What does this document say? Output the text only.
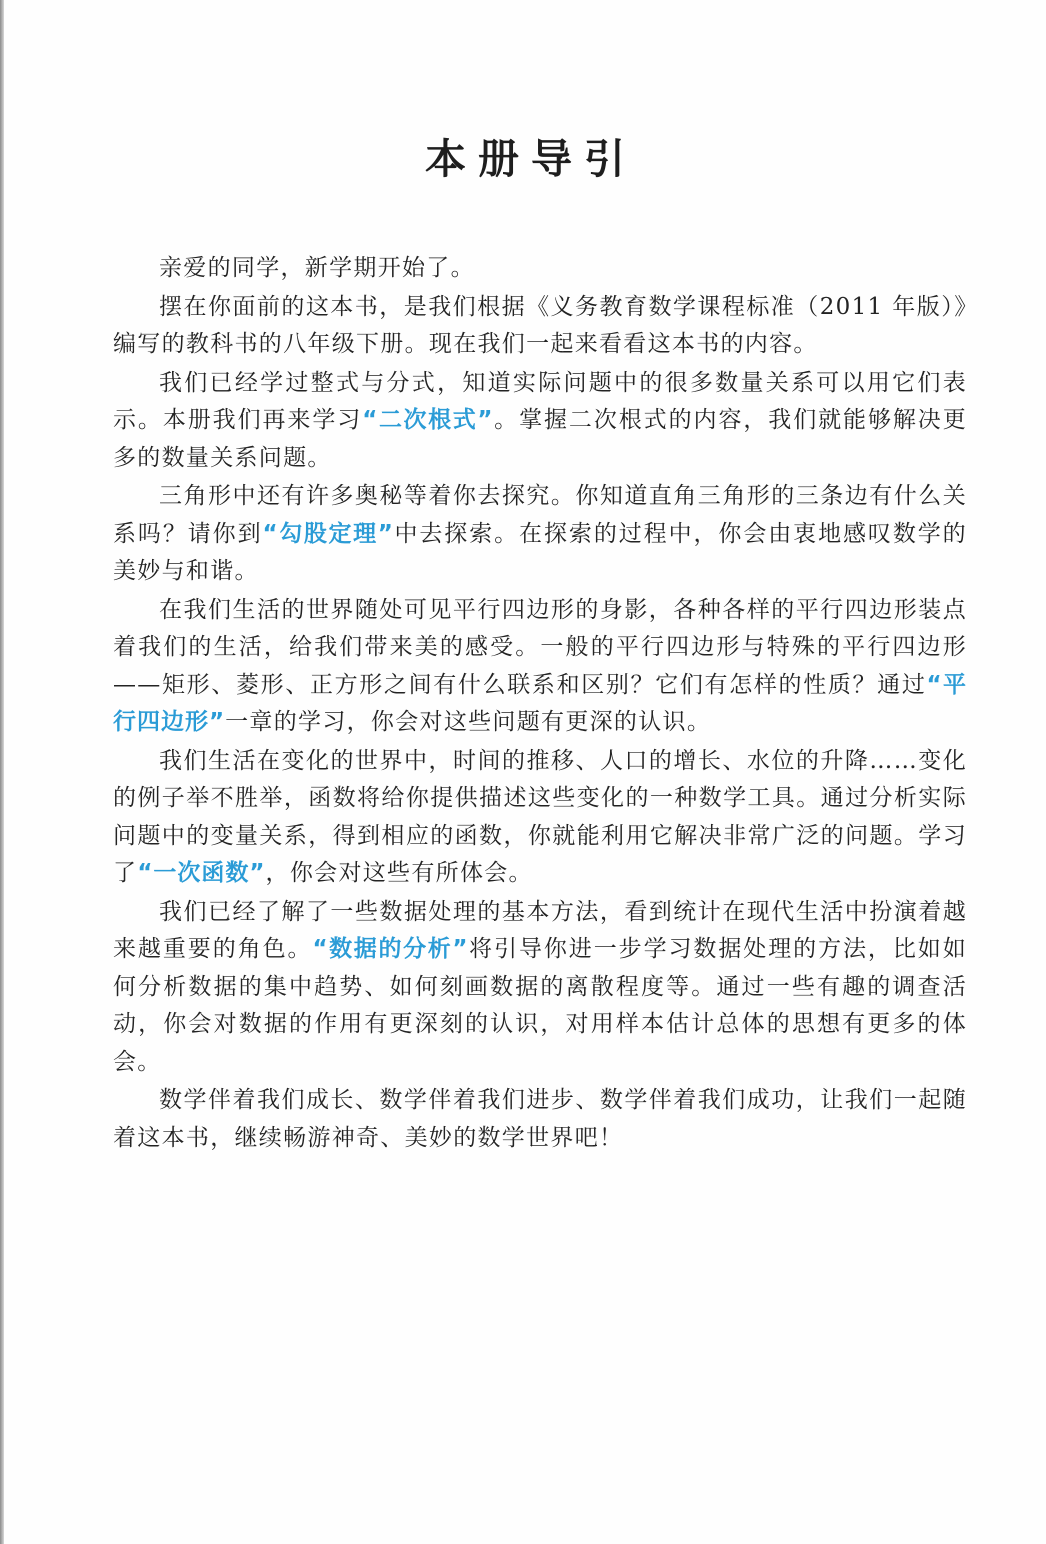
本册导引

亲爱的同学，新学期开始了。

摆在你面前的这本书，是我们根据《义务教育数学课程标准（2011 年版）》编写的教科书的八年级下册。现在我们一起来看看这本书的内容。

我们已经学过整式与分式，知道实际问题中的很多数量关系可以用它们表示。本册我们再来学习“二次根式”。掌握二次根式的内容，我们就能够解决更多的数量关系问题。

三角形中还有许多奥秘等着你去探究。你知道直角三角形的三条边有什么关系吗？请你到“勾股定理”中去探索。在探索的过程中，你会由衷地感叹数学的美妙与和谐。

在我们生活的世界随处可见平行四边形的身影，各种各样的平行四边形装点着我们的生活，给我们带来美的感受。一般的平行四边形与特殊的平行四边形——矩形、菱形、正方形之间有什么联系和区别？它们有怎样的性质？通过“平行四边形”一章的学习，你会对这些问题有更深的认识。

我们生活在变化的世界中，时间的推移、人口的增长、水位的升降……变化的例子举不胜举，函数将给你提供描述这些变化的一种数学工具。通过分析实际问题中的变量关系，得到相应的函数，你就能利用它解决非常广泛的问题。学习了“一次函数”，你会对这些有所体会。

我们已经了解了一些数据处理的基本方法，看到统计在现代生活中扮演着越来越重要的角色。“数据的分析”将引导你进一步学习数据处理的方法，比如如何分析数据的集中趋势、如何刻画数据的离散程度等。通过一些有趣的调查活动，你会对数据的作用有更深刻的认识，对用样本估计总体的思想有更多的体会。

数学伴着我们成长、数学伴着我们进步、数学伴着我们成功，让我们一起随着这本书，继续畅游神奇、美妙的数学世界吧！
